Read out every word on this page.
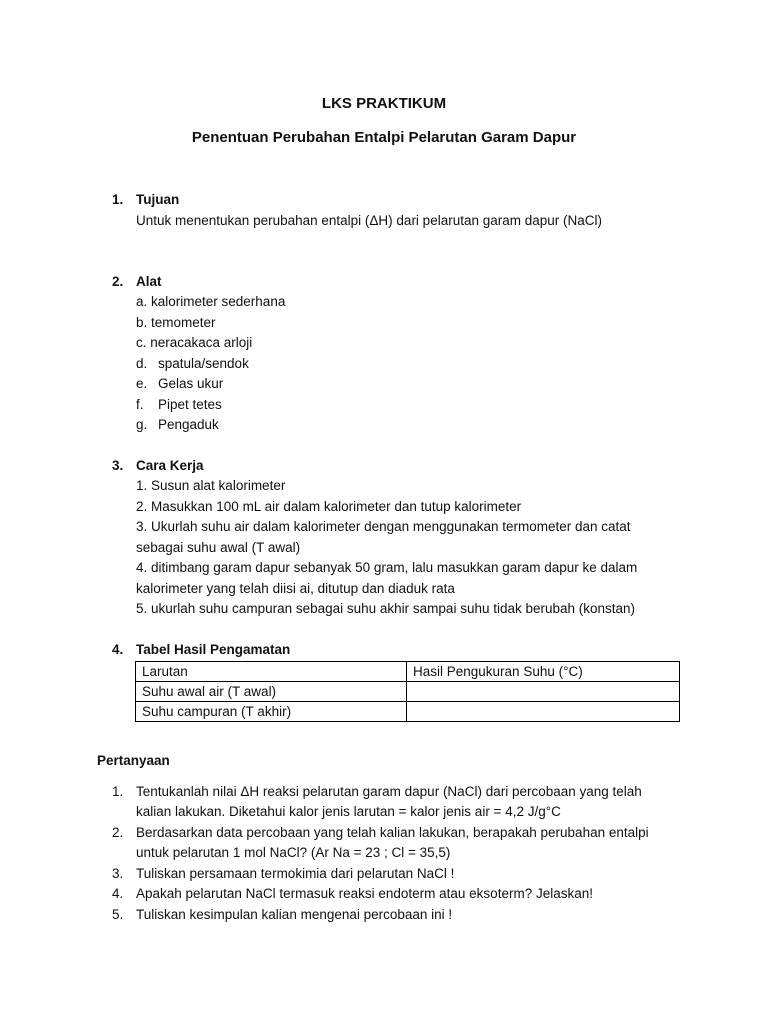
LKS PRAKTIKUM
Penentuan Perubahan Entalpi Pelarutan Garam Dapur
1. Tujuan
Untuk menentukan perubahan entalpi (ΔH) dari pelarutan garam dapur (NaCl)
2. Alat
a. kalorimeter sederhana
b. temometer
c. neracakaca arloji
d. spatula/sendok
e. Gelas ukur
f. Pipet tetes
g. Pengaduk
3. Cara Kerja
1. Susun alat kalorimeter
2. Masukkan 100 mL air dalam kalorimeter dan tutup kalorimeter
3. Ukurlah suhu air dalam kalorimeter dengan menggunakan termometer dan catat
sebagai suhu awal (T awal)
4. ditimbang garam dapur sebanyak 50 gram, lalu masukkan garam dapur ke dalam
kalorimeter yang telah diisi ai, ditutup dan diaduk rata
5. ukurlah suhu campuran sebagai suhu akhir sampai suhu tidak berubah (konstan)
4. Tabel Hasil Pengamatan
Larutan	Hasil Pengukuran Suhu (°C)
Suhu awal air (T awal)	
Suhu campuran (T akhir)	
Pertanyaan
1. Tentukanlah nilai ΔH reaksi pelarutan garam dapur (NaCl) dari percobaan yang telah
kalian lakukan. Diketahui kalor jenis larutan = kalor jenis air = 4,2 J/g°C
2. Berdasarkan data percobaan yang telah kalian lakukan, berapakah perubahan entalpi
untuk pelarutan 1 mol NaCl? (Ar Na = 23 ; Cl = 35,5)
3. Tuliskan persamaan termokimia dari pelarutan NaCl !
4. Apakah pelarutan NaCl termasuk reaksi endoterm atau eksoterm? Jelaskan!
5. Tuliskan kesimpulan kalian mengenai percobaan ini !
